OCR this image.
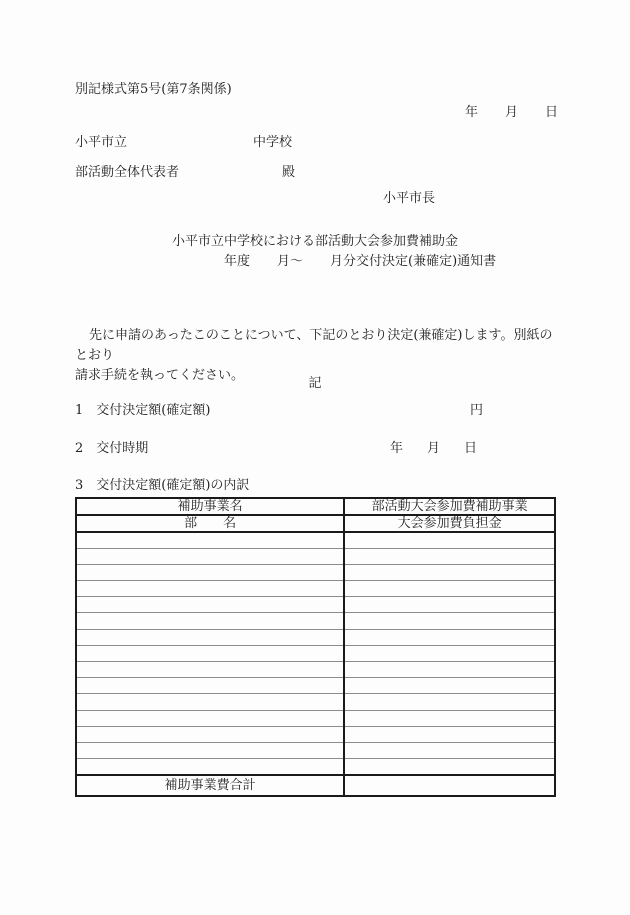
別記様式第5号(第7条関係)
年 月 日
小平市立	中学校
部活動全体代表者	殿
小平市長
小平市立中学校における部活動大会参加費補助金
年度 月～ 月分交付決定(兼確定)通知書
先に申請のあったこのことについて、下記のとおり決定(兼確定)します。別紙のとおり
請求手続を執ってください。
記
1 交付決定額(確定額)	円
2 交付時期	年 月 日
3 交付決定額(確定額)の内訳
補助事業名	部活動大会参加費補助事業

部 名	大会参加費負担金

補助事業費合計	
